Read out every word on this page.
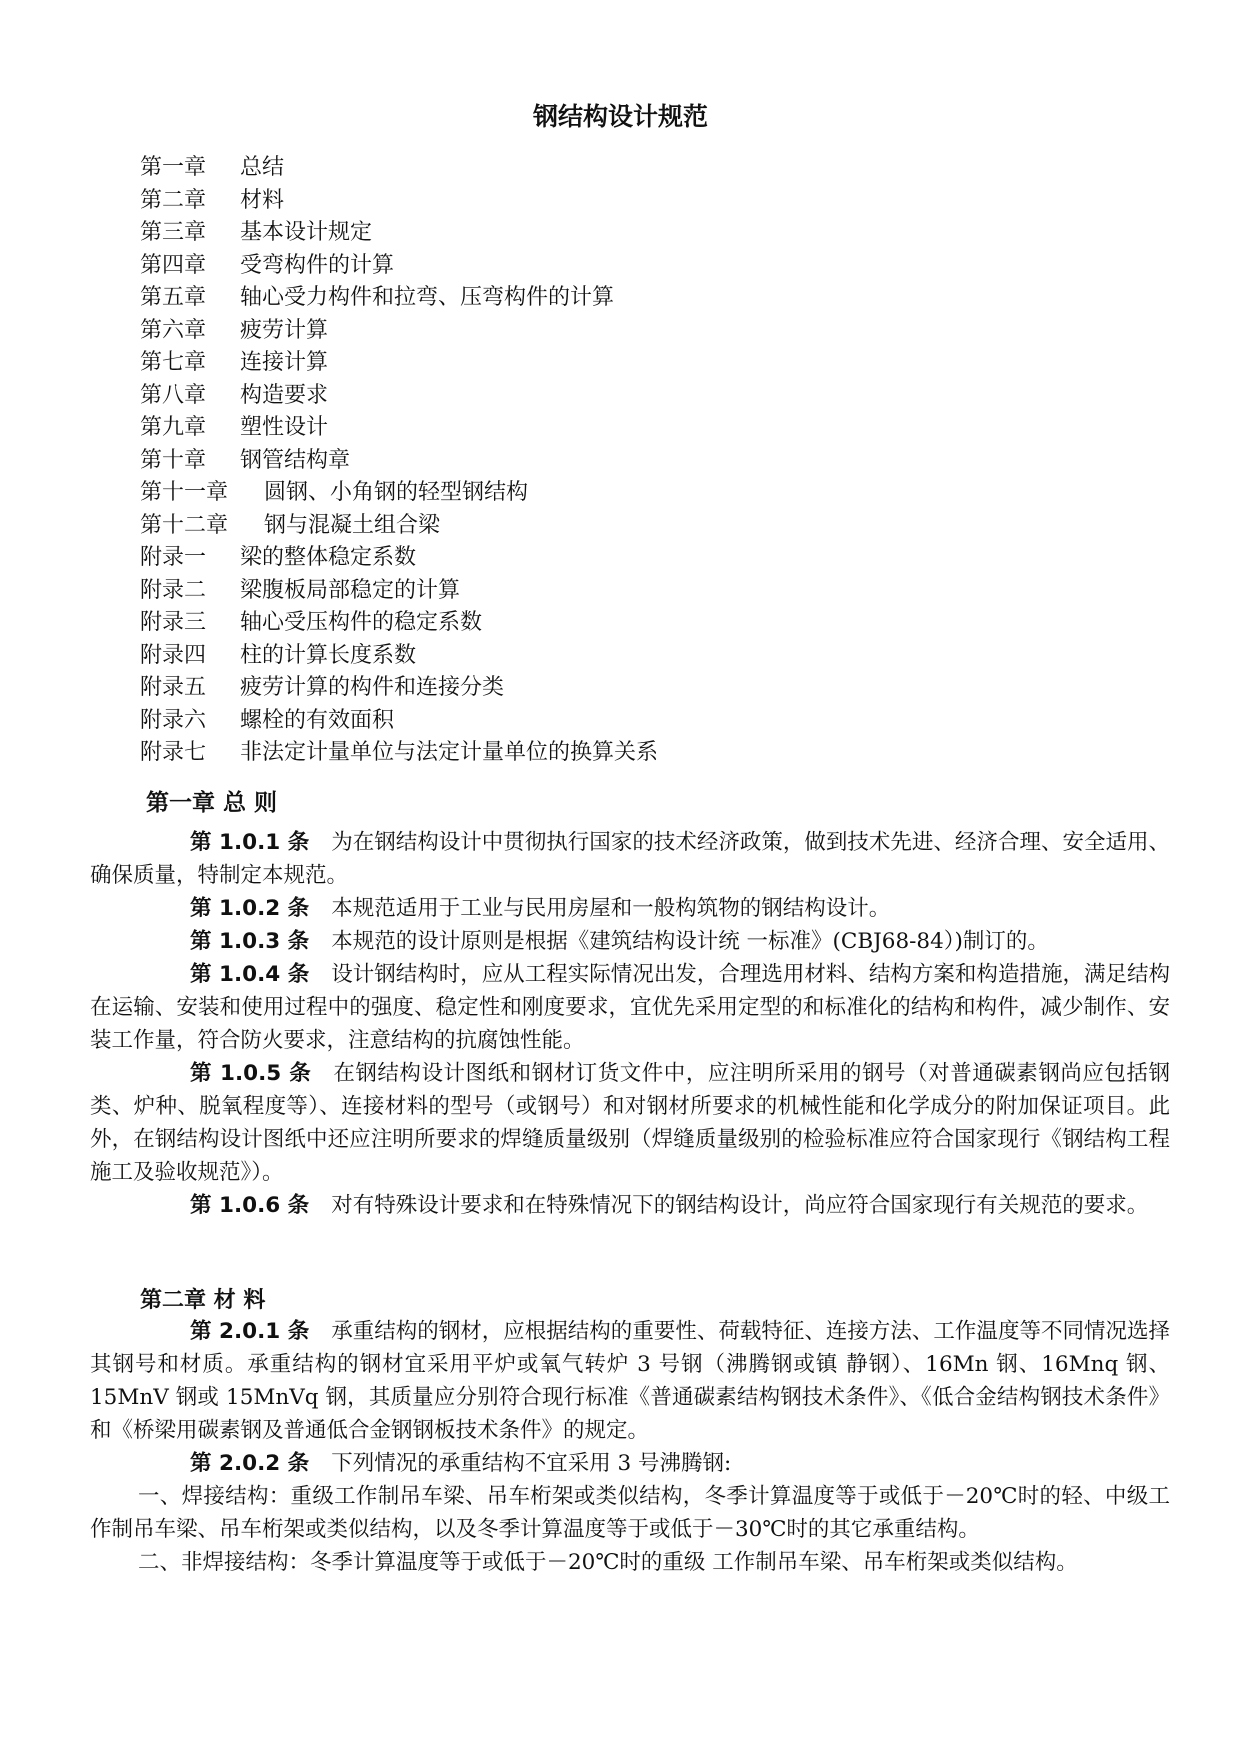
钢结构设计规范
第一章 总结
第二章 材料
第三章 基本设计规定
第四章 受弯构件的计算
第五章 轴心受力构件和拉弯、压弯构件的计算
第六章 疲劳计算
第七章 连接计算
第八章 构造要求
第九章 塑性设计
第十章 钢管结构章
第十一章 圆钢、小角钢的轻型钢结构
第十二章 钢与混凝土组合梁
附录一 梁的整体稳定系数
附录二 梁腹板局部稳定的计算
附录三 轴心受压构件的稳定系数
附录四 柱的计算长度系数
附录五 疲劳计算的构件和连接分类
附录六 螺栓的有效面积
附录七 非法定计量单位与法定计量单位的换算关系
第一章 总 则

第 1.0.1 条 为在钢结构设计中贯彻执行国家的技术经济政策，做到技术先进、经济合理、安全适用、确保质量，特制定本规范。

第 1.0.2 条 本规范适用于工业与民用房屋和一般构筑物的钢结构设计。

第 1.0.3 条 本规范的设计原则是根据《建筑结构设计统 一标准》(CBJ68-84）)制订的。

第 1.0.4 条 设计钢结构时，应从工程实际情况出发，合理选用材料、结构方案和构造措施，满足结构在运输、安装和使用过程中的强度、稳定性和刚度要求，宜优先采用定型的和标准化的结构和构件，减少制作、安装工作量，符合防火要求，注意结构的抗腐蚀性能。

第 1.0.5 条 在钢结构设计图纸和钢材订货文件中，应注明所采用的钢号（对普通碳素钢尚应包括钢类、炉种、脱氧程度等）、连接材料的型号（或钢号）和对钢材所要求的机械性能和化学成分的附加保证项目。此外，在钢结构设计图纸中还应注明所要求的焊缝质量级别（焊缝质量级别的检验标准应符合国家现行《钢结构工程施工及验收规范》）。

第 1.0.6 条 对有特殊设计要求和在特殊情况下的钢结构设计，尚应符合国家现行有关规范的要求。

第二章 材 料

第 2.0.1 条 承重结构的钢材，应根据结构的重要性、荷载特征、连接方法、工作温度等不同情况选择其钢号和材质。承重结构的钢材宜采用平炉或氧气转炉 3 号钢（沸腾钢或镇 静钢）、16Mn 钢、16Mnq 钢、15MnV 钢或 15MnVq 钢，其质量应分别符合现行标准《普通碳素结构钢技术条件》、《低合金结构钢技术条件》和《桥梁用碳素钢及普通低合金钢钢板技术条件》的规定。

第 2.0.2 条 下列情况的承重结构不宜采用 3 号沸腾钢:

一、焊接结构：重级工作制吊车梁、吊车桁架或类似结构，冬季计算温度等于或低于－20℃时的轻、中级工作制吊车梁、吊车桁架或类似结构，以及冬季计算温度等于或低于－30℃时的其它承重结构。

二、非焊接结构：冬季计算温度等于或低于－20℃时的重级 工作制吊车梁、吊车桁架或类似结构。
